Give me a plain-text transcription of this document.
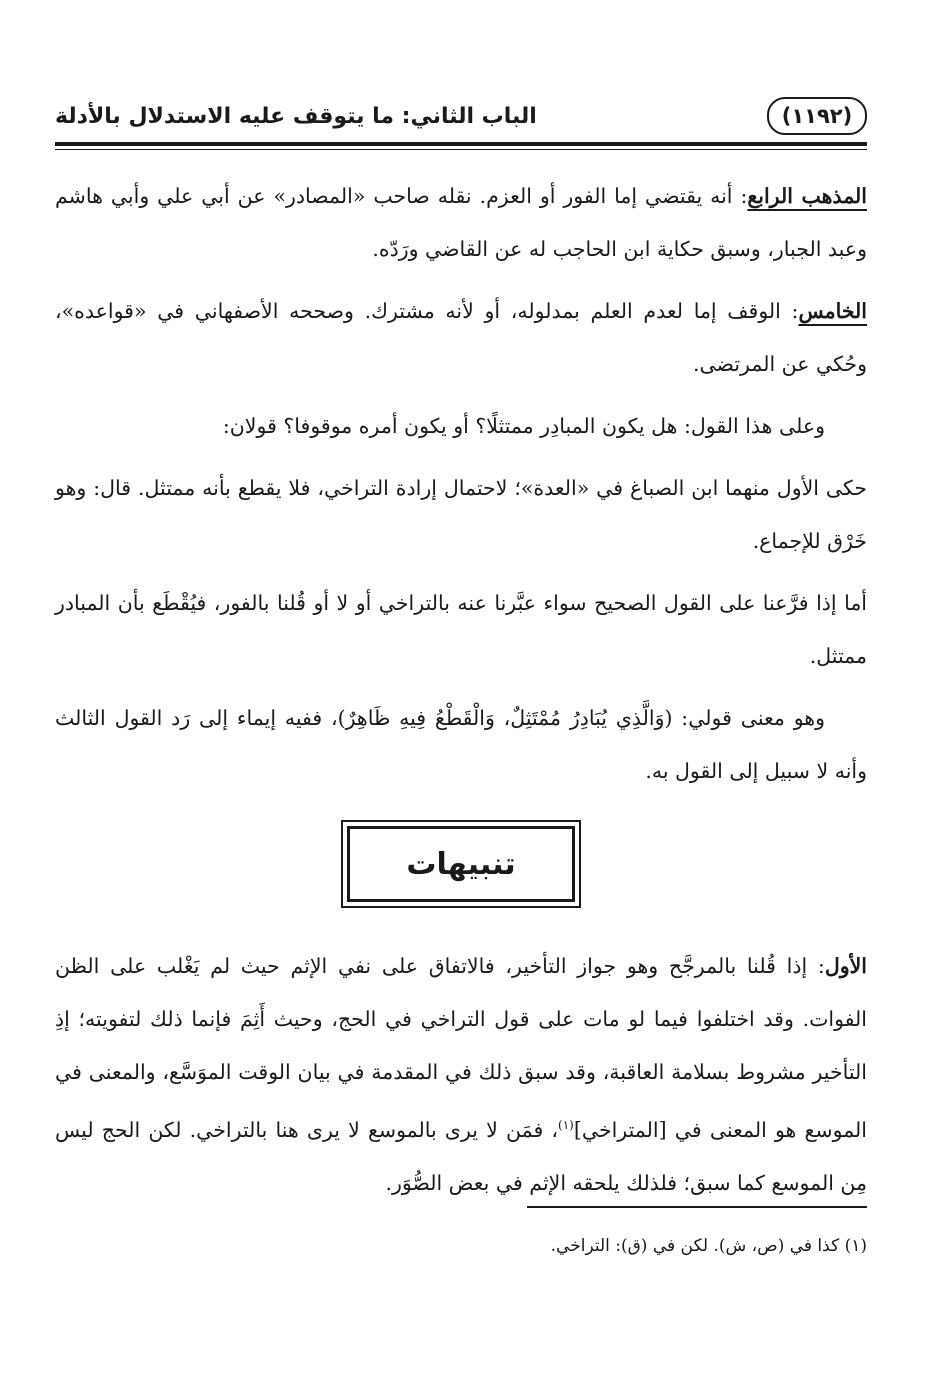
(١١٩٢)
الباب الثاني: ما يتوقف عليه الاستدلال بالأدلة

المذهب الرابع: أنه يقتضي إما الفور أو العزم. نقله صاحب «المصادر» عن أبي علي وأبي هاشم وعبد الجبار، وسبق حكاية ابن الحاجب له عن القاضي ورَدّه.

الخامس: الوقف إما لعدم العلم بمدلوله، أو لأنه مشترك. وصححه الأصفهاني في «قواعده»، وحُكي عن المرتضى.

وعلى هذا القول: هل يكون المبادِر ممتثلًا؟ أو يكون أمره موقوفا؟ قولان:

حكى الأول منهما ابن الصباغ في «العدة»؛ لاحتمال إرادة التراخي، فلا يقطع بأنه ممتثل. قال: وهو خَرْق للإجماع.

أما إذا فرَّعنا على القول الصحيح سواء عبَّرنا عنه بالتراخي أو لا أو قُلنا بالفور، فيُقْطَع بأن المبادر ممتثل.

وهو معنى قولي: (وَالَّذِي يُبَادِرُ مُمْتَثِلٌ، وَالْقَطْعُ فِيهِ ظَاهِرٌ)، ففيه إيماء إلى رَد القول الثالث وأنه لا سبيل إلى القول به.

تنبيهات

الأول: إذا قُلنا بالمرجَّح وهو جواز التأخير، فالاتفاق على نفي الإثم حيث لم يَغْلب على الظن الفوات. وقد اختلفوا فيما لو مات على قول التراخي في الحج، وحيث أَثِمَ فإنما ذلك لتفويته؛ إذِ التأخير مشروط بسلامة العاقبة، وقد سبق ذلك في المقدمة في بيان الوقت الموَسَّع، والمعنى في الموسع هو المعنى في [المتراخي]$^{(١)}$، فمَن لا يرى بالموسع لا يرى هنا بالتراخي. لكن الحج ليس مِن الموسع كما سبق؛ فلذلك يلحقه الإثم في بعض الصُّوَر.

(١) كذا في (ص، ش). لكن في (ق): التراخي.
